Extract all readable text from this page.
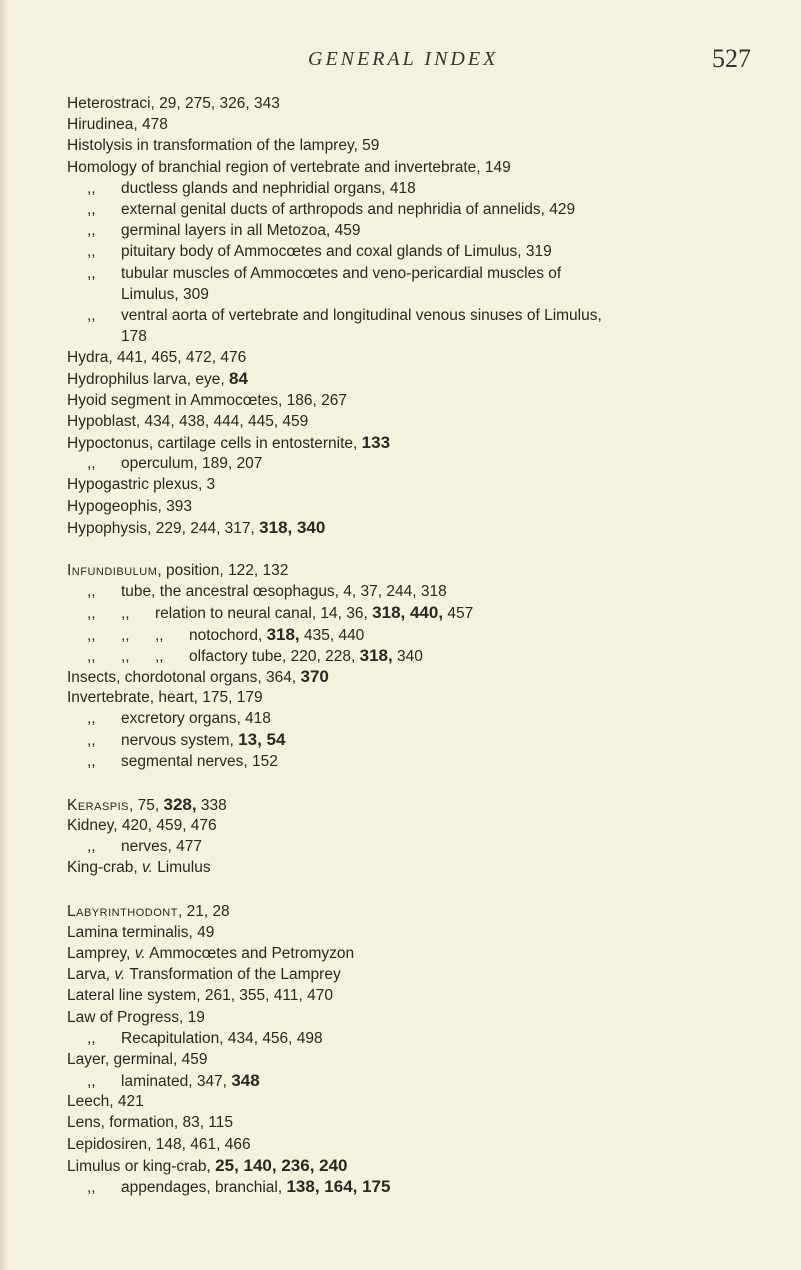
GENERAL INDEX	527
Heterostraci, 29, 275, 326, 343
Hirudinea, 478
Histolysis in transformation of the lamprey, 59
Homology of branchial region of vertebrate and invertebrate, 149
,, ductless glands and nephridial organs, 418
,, external genital ducts of arthropods and nephridia of annelids, 429
,, germinal layers in all Metozoa, 459
,, pituitary body of Ammocœtes and coxal glands of Limulus, 319
,, tubular muscles of Ammocœtes and veno-pericardial muscles of
Limulus, 309
,, ventral aorta of vertebrate and longitudinal venous sinuses of Limulus,
178
Hydra, 441, 465, 472, 476
Hydrophilus larva, eye, 84
Hyoid segment in Ammocœtes, 186, 267
Hypoblast, 434, 438, 444, 445, 459
Hypoctonus, cartilage cells in entosternite, 133
,, operculum, 189, 207
Hypogastric plexus, 3
Hypogeophis, 393
Hypophysis, 229, 244, 317, 318, 340
Infundibulum, position, 122, 132
,, tube, the ancestral œsophagus, 4, 37, 244, 318
,, ,, relation to neural canal, 14, 36, 318, 440, 457
,, ,, ,, notochord, 318, 435, 440
,, ,, ,, olfactory tube, 220, 228, 318, 340
Insects, chordotonal organs, 364, 370
Invertebrate, heart, 175, 179
,, excretory organs, 418
,, nervous system, 13, 54
,, segmental nerves, 152
Keraspis, 75, 328, 338
Kidney, 420, 459, 476
,, nerves, 477
King-crab, v. Limulus
Labyrinthodont, 21, 28
Lamina terminalis, 49
Lamprey, v. Ammocœtes and Petromyzon
Larva, v. Transformation of the Lamprey
Lateral line system, 261, 355, 411, 470
Law of Progress, 19
,, Recapitulation, 434, 456, 498
Layer, germinal, 459
,, laminated, 347, 348
Leech, 421
Lens, formation, 83, 115
Lepidosiren, 148, 461, 466
Limulus or king-crab, 25, 140, 236, 240
,, appendages, branchial, 138, 164, 175
